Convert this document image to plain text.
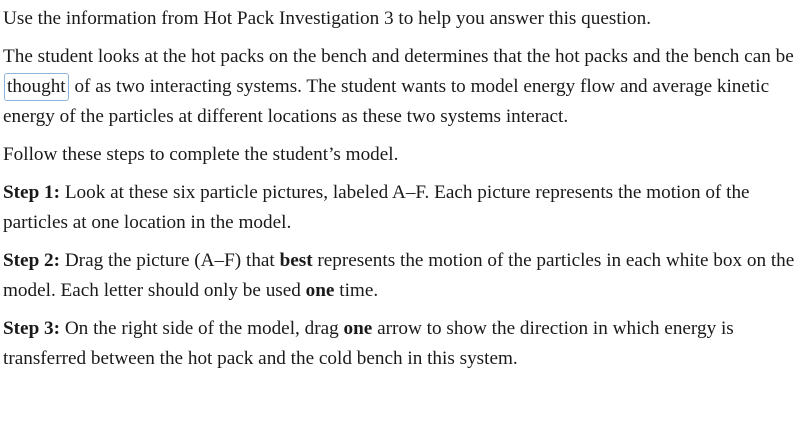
Use the information from Hot Pack Investigation 3 to help you answer this question.

The student looks at the hot packs on the bench and determines that the hot packs and the bench can be thought of as two interacting systems. The student wants to model energy flow and average kinetic energy of the particles at different locations as these two systems interact.

Follow these steps to complete the student’s model.

Step 1: Look at these six particle pictures, labeled A–F. Each picture represents the motion of the particles at one location in the model.

Step 2: Drag the picture (A–F) that best represents the motion of the particles in each white box on the model. Each letter should only be used one time.

Step 3: On the right side of the model, drag one arrow to show the direction in which energy is transferred between the hot pack and the cold bench in this system.
